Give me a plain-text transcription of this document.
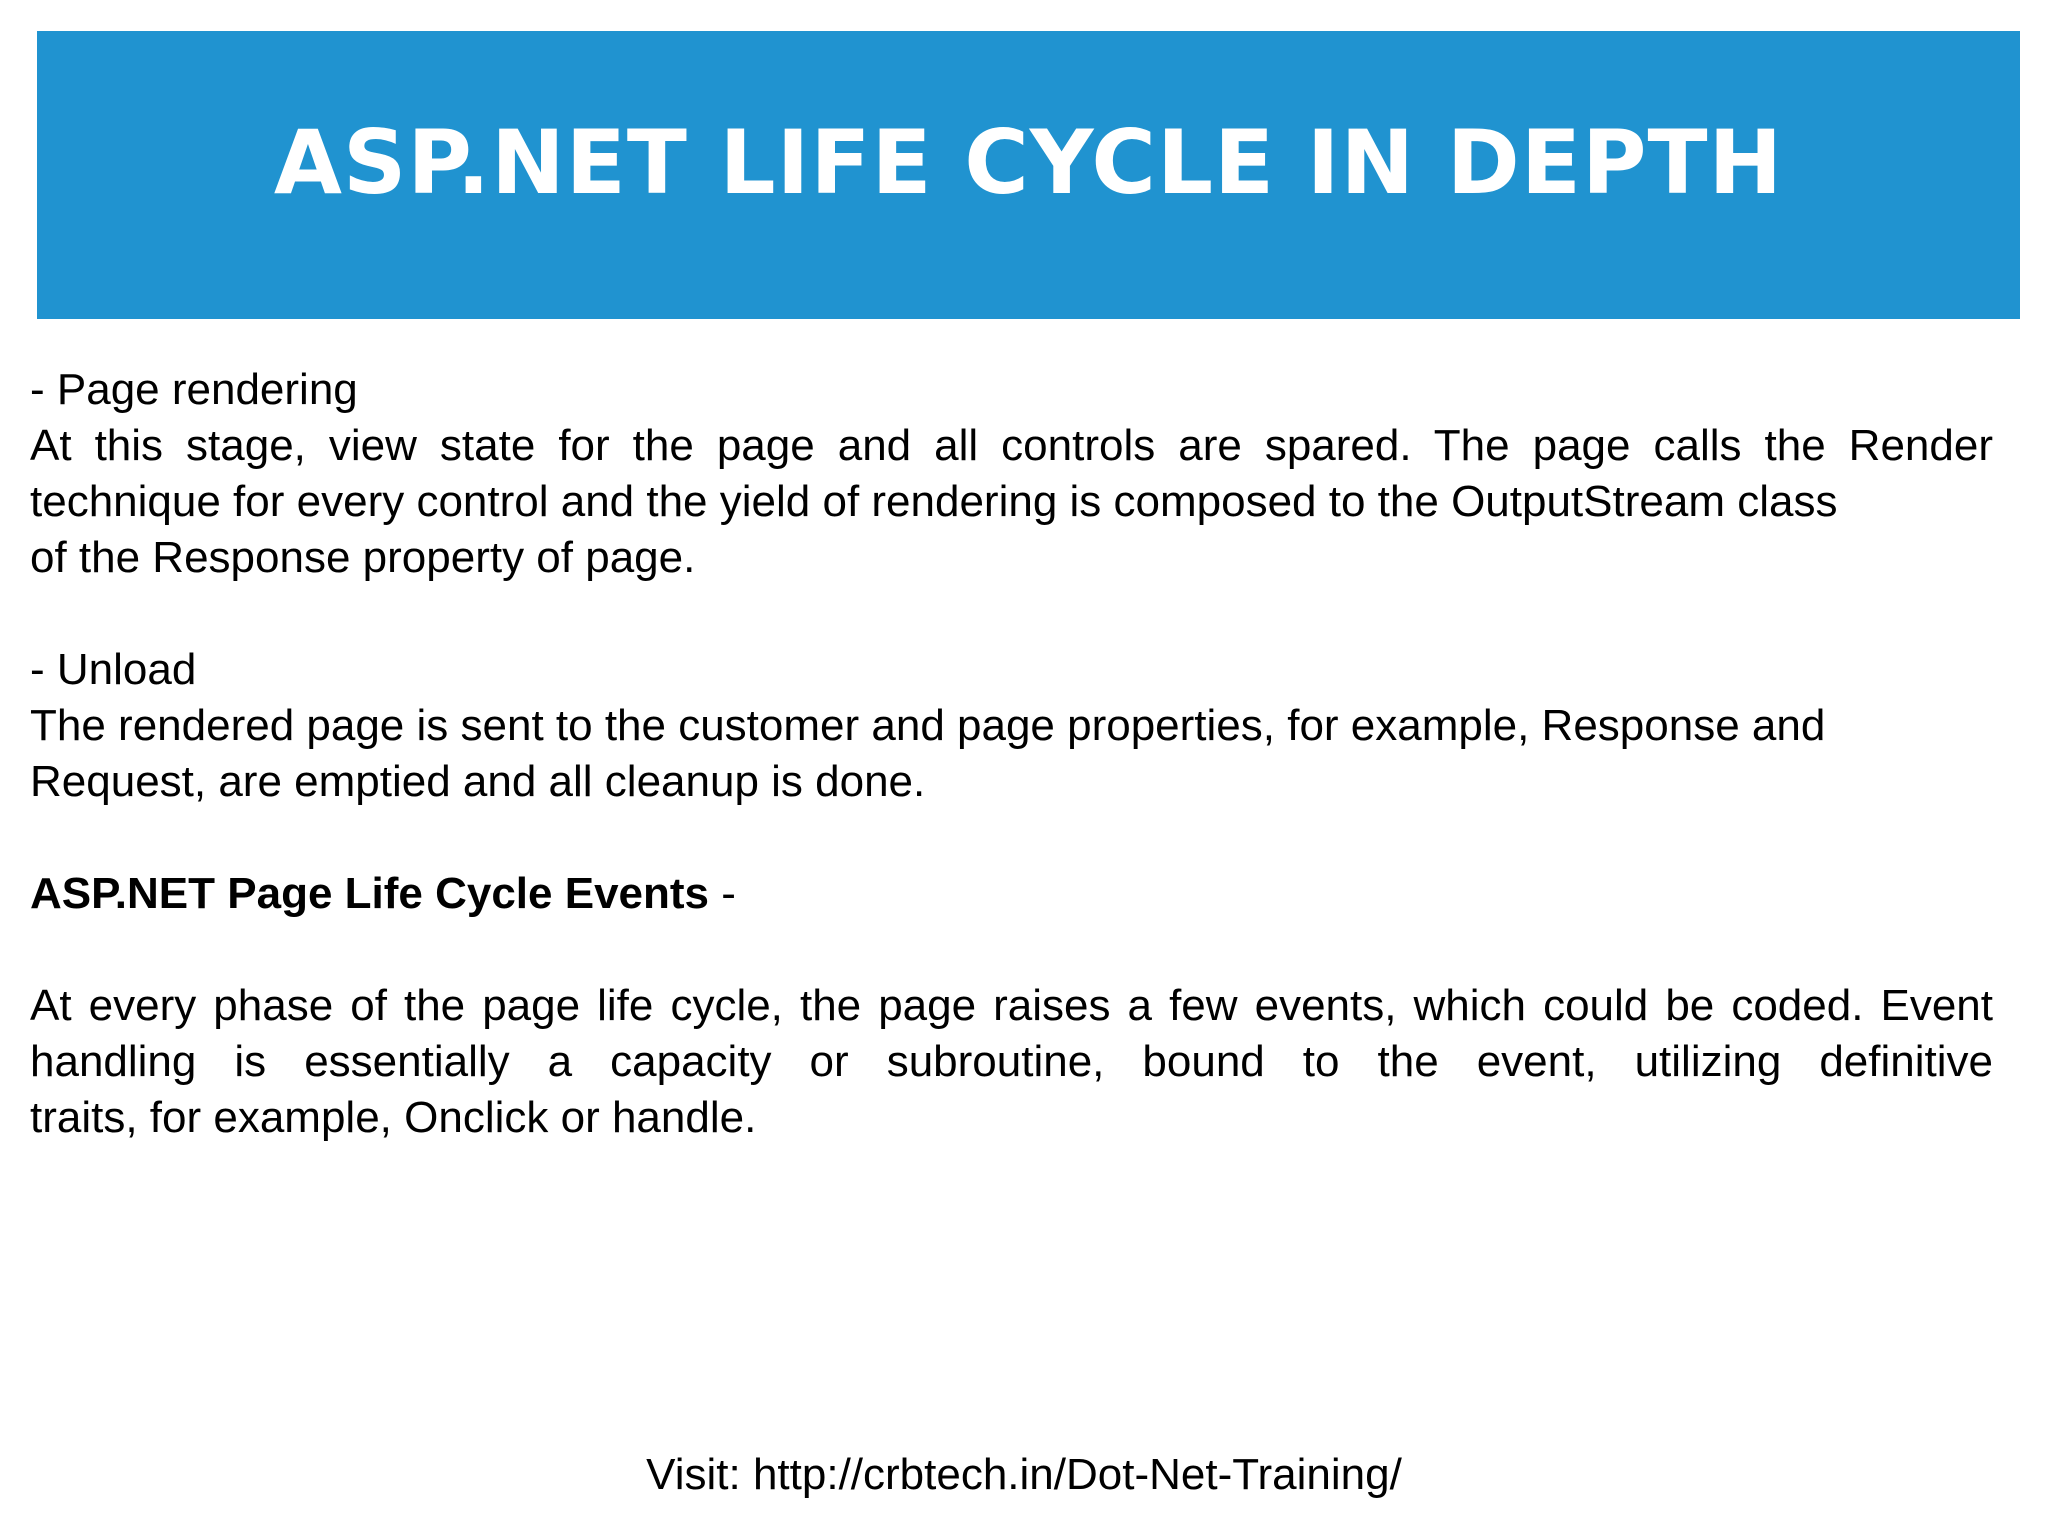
ASP.NET LIFE CYCLE IN DEPTH

- Page rendering

At this stage, view state for the page and all controls are spared. The page calls the Render

technique for every control and the yield of rendering is composed to the OutputStream class

of the Response property of page.

- Unload

The rendered page is sent to the customer and page properties, for example, Response and

Request, are emptied and all cleanup is done.

ASP.NET Page Life Cycle Events -

At every phase of the page life cycle, the page raises a few events, which could be coded. Event handling is essentially a capacity or subroutine, bound to the event, utilizing definitive

traits, for example, Onclick or handle.

Visit: http://crbtech.in/Dot-Net-Training/
